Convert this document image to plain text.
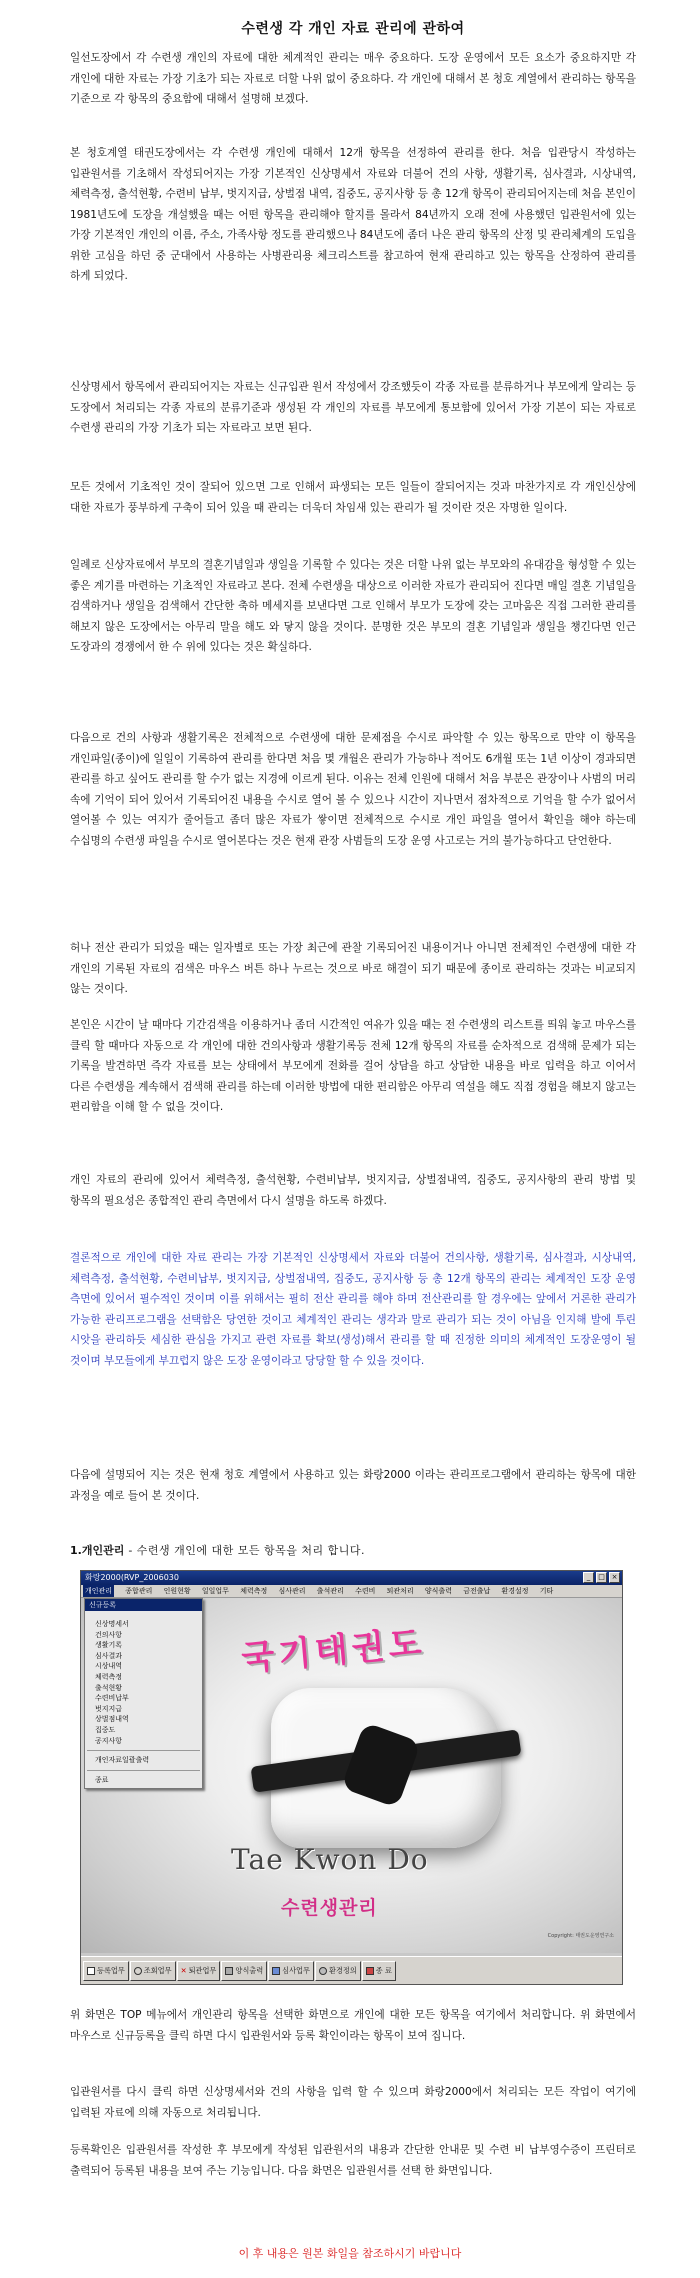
수련생 각 개인 자료 관리에 관하여

일선도장에서 각 수련생 개인의 자료에 대한 체계적인 관리는 매우 중요하다. 도장 운영에서 모든 요소가 중요하지만 각 개인에 대한 자료는 가장 기초가 되는 자료로 더할 나위 없이 중요하다. 각 개인에 대해서 본 청호 계열에서 관리하는 항목을 기준으로 각 항목의 중요함에 대해서 설명해 보겠다.

본 청호계열 태권도장에서는 각 수련생 개인에 대해서 12개 항목을 선정하여 관리를 한다. 처음 입관당시 작성하는 입관원서를 기초해서 작성되어지는 가장 기본적인 신상명세서 자료와 더불어 건의 사항, 생활기록, 심사결과, 시상내역, 체력측정, 출석현황, 수련비 납부, 벗지지급, 상벌점 내역, 집중도, 공지사항 등 총 12개 항목이 관리되어지는데 처음 본인이 1981년도에 도장을 개설했을 때는 어떤 항목을 관리해야 할지를 몰라서 84년까지 오래 전에 사용했던 입관원서에 있는 가장 기본적인 개인의 이름, 주소, 가족사항 정도를 관리했으나 84년도에 좀더 나은 관리 항목의 산정 및 관리체계의 도입을 위한 고심을 하던 중 군대에서 사용하는 사병관리용 체크리스트를 참고하여 현재 관리하고 있는 항목을 산정하여 관리를 하게 되었다.

신상명세서 항목에서 관리되어지는 자료는 신규입관 원서 작성에서 강조했듯이 각종 자료를 분류하거나 부모에게 알리는 등 도장에서 처리되는 각종 자료의 분류기준과 생성된 각 개인의 자료를 부모에게 통보함에 있어서 가장 기본이 되는 자료로 수련생 관리의 가장 기초가 되는 자료라고 보면 된다.

모든 것에서 기초적인 것이 잘되어 있으면 그로 인해서 파생되는 모든 일들이 잘되어지는 것과 마찬가지로 각 개인신상에 대한 자료가 풍부하게 구축이 되어 있을 때 관리는 더욱더 차임새 있는 관리가 될 것이란 것은 자명한 일이다.

일례로 신상자료에서 부모의 결혼기념일과 생일을 기록할 수 있다는 것은 더할 나위 없는 부모와의 유대감을 형성할 수 있는 좋은 계기를 마련하는 기초적인 자료라고 본다. 전체 수련생을 대상으로 이러한 자료가 관리되어 진다면 매일 결혼 기념일을 검색하거나 생일을 검색해서 간단한 축하 메세지를 보낸다면 그로 인해서 부모가 도장에 갖는 고마움은 직접 그러한 관리를 해보지 않은 도장에서는 아무리 말을 해도 와 닿지 않을 것이다. 분명한 것은 부모의 결혼 기념일과 생일을 챙긴다면 인근 도장과의 경쟁에서 한 수 위에 있다는 것은 확실하다.

다음으로 건의 사항과 생활기록은 전체적으로 수련생에 대한 문제점을 수시로 파악할 수 있는 항목으로 만약 이 항목을 개인파일(종이)에 일일이 기록하여 관리를 한다면 처음 몇 개월은 관리가 가능하나 적어도 6개월 또는 1년 이상이 경과되면 관리를 하고 싶어도 관리를 할 수가 없는 지경에 이르게 된다. 이유는 전체 인원에 대해서 처음 부분은 관장이나 사범의 머리 속에 기억이 되어 있어서 기록되어진 내용을 수시로 열어 볼 수 있으나 시간이 지나면서 점차적으로 기억을 할 수가 없어서 열어볼 수 있는 여지가 줄어들고 좀더 많은 자료가 쌓이면 전체적으로 수시로 개인 파일을 열어서 확인을 해야 하는데 수십명의 수련생 파일을 수시로 열어본다는 것은 현재 관장 사범들의 도장 운영 사고로는 거의 불가능하다고 단언한다.

허나 전산 관리가 되었을 때는 일자별로 또는 가장 최근에 관찰 기록되어진 내용이거나 아니면 전체적인 수련생에 대한 각 개인의 기록된 자료의 검색은 마우스 버튼 하나 누르는 것으로 바로 해결이 되기 때문에 종이로 관리하는 것과는 비교되지 않는 것이다.

본인은 시간이 날 때마다 기간검색을 이용하거나 좀더 시간적인 여유가 있을 때는 전 수련생의 리스트를 띄워 놓고 마우스를 클릭 할 때마다 자동으로 각 개인에 대한 건의사항과 생활기록등 전체 12개 항목의 자료를 순차적으로 검색해 문제가 되는 기록을 발견하면 즉각 자료를 보는 상태에서 부모에게 전화를 걸어 상담을 하고 상담한 내용을 바로 입력을 하고 이어서 다른 수련생을 계속해서 검색해 관리를 하는데 이러한 방법에 대한 편리함은 아무리 역설을 해도 직접 경험을 해보지 않고는 편리함을 이해 할 수 없을 것이다.

개인 자료의 관리에 있어서 체력측정, 출석현황, 수련비납부, 벗지지급, 상벌점내역, 집중도, 공지사항의 관리 방법 및 항목의 필요성은 종합적인 관리 측면에서 다시 설명을 하도록 하겠다.

결론적으로 개인에 대한 자료 관리는 가장 기본적인 신상명세서 자료와 더불어 건의사항, 생활기록, 심사결과, 시상내역, 체력측정, 출석현황, 수련비납부, 벗지지급, 상벌점내역, 집중도, 공지사항 등 총 12개 항목의 관리는 체계적인 도장 운영 측면에 있어서 필수적인 것이며 이를 위해서는 필히 전산 관리를 해야 하며 전산관리를 할 경우에는 앞에서 거론한 관리가 가능한 관리프로그램을 선택함은 당연한 것이고 체계적인 관리는 생각과 말로 관리가 되는 것이 아님을 인지해 발에 투린 시앗을 관리하듯 세심한 관심을 가지고 관련 자료를 확보(생성)해서 관리를 할 때 진정한 의미의 체계적인 도장운영이 될 것이며 부모들에게 부끄럽지 않은 도장 운영이라고 당당할 할 수 있을 것이다.

다음에 설명되어 지는 것은 현재 청호 계열에서 사용하고 있는 화랑2000 이라는 관리프로그램에서 관리하는 항목에 대한 과정을 예로 들어 본 것이다.

1.개인관리 - 수련생 개인에 대한 모든 항목을 처리 합니다.

위 화면은 TOP 메뉴에서 개인관리 항목을 선택한 화면으로 개인에 대한 모든 항목을 여기에서 처리합니다. 위 화면에서 마우스로 신규등록을 클릭 하면 다시 입관원서와 등록 확인이라는 항목이 보여 집니다.

입관원서를 다시 클릭 하면 신상명세서와 건의 사항을 입력 할 수 있으며 화랑2000에서 처리되는 모든 작업이 여기에 입력된 자료에 의해 자동으로 처리됩니다.

등록확인은 입관원서를 작성한 후 부모에게 작성된 입관원서의 내용과 간단한 안내문 및 수련 비 납부영수증이 프린터로 출력되어 등록된 내용을 보여 주는 기능입니다. 다음 화면은 입관원서를 선택 한 화면입니다.

화랑2000(RVP_2006030	_	□ ×
개인관리 종합관리 인원현황 일일업무 체력측정 심사관리 출석관리 수련비 퇴관처리 양식출력 금전출납 환경설정 기타
국기태권도
Tae Kwon Do
수련생관리
Copyright: 태권도운영연구소
신규등록
신상명세서
건의사항
생활기록
심사결과
시상내역
체력측정
출석현황
수련비납부
벗지지급
상벌점내역
집중도
공지사항
개인자료일괄출력
종료
등록업무	조회업무 ✕ 퇴관업무	양식출력	심사업무	환경정의	종 료
이 후 내용은 원본 화일을 참조하시기 바랍니다
